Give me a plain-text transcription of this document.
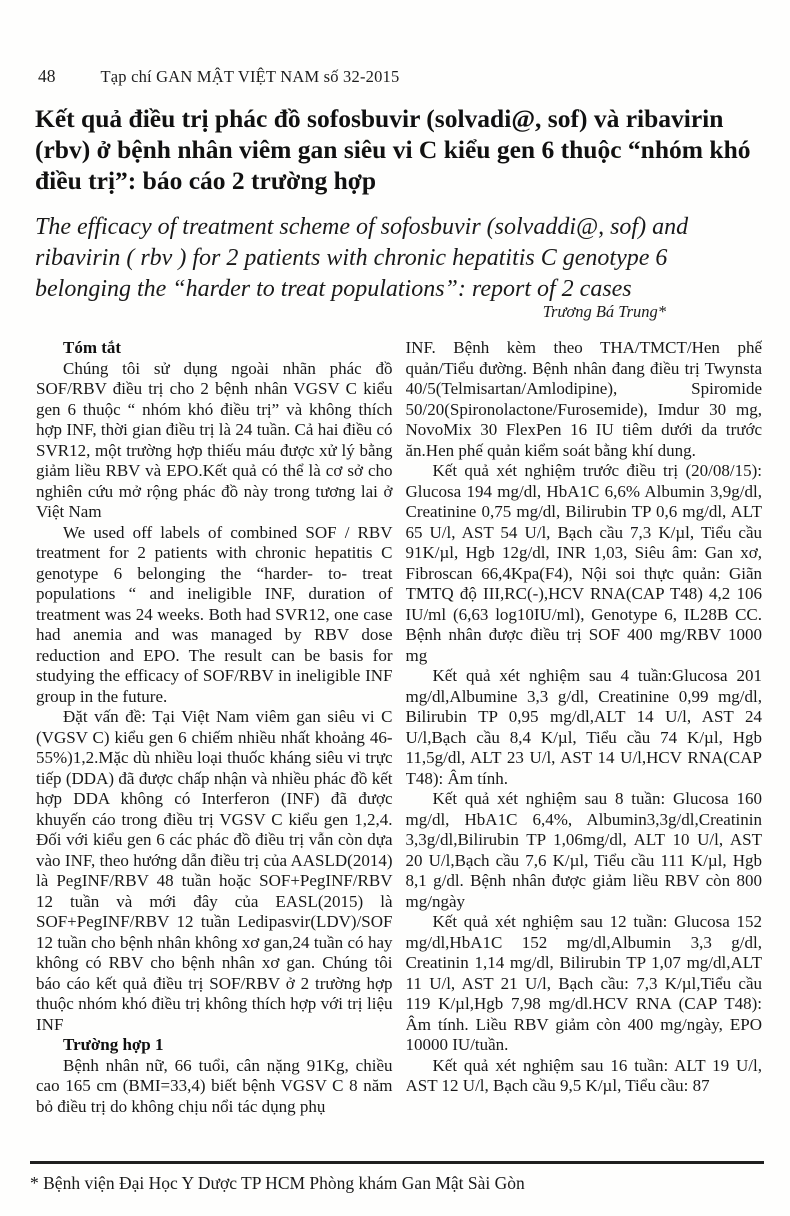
48	Tạp chí GAN MẬT VIỆT NAM số 32-2015
Kết quả điều trị phác đồ sofosbuvir (solvadi@, sof) và ribavirin (rbv) ở bệnh nhân viêm gan siêu vi C kiểu gen 6 thuộc “nhóm khó điều trị”: báo cáo 2 trường hợp
The efficacy of treatment scheme of sofosbuvir (solvaddi@, sof) and ribavirin ( rbv ) for 2 patients with chronic hepatitis C genotype 6 belonging the “harder to treat populations”: report of 2 cases
Trương Bá Trung*

Tóm tắt

Chúng tôi sử dụng ngoài nhãn phác đồ SOF/RBV điều trị cho 2 bệnh nhân VGSV C kiểu gen 6 thuộc “ nhóm khó điều trị” và không thích hợp INF, thời gian điều trị là 24 tuần. Cả hai điều có SVR12, một trường hợp thiếu máu được xử lý bằng giảm liều RBV và EPO.Kết quả có thể là cơ sở cho nghiên cứu mở rộng phác đồ này trong tương lai ở Việt Nam

We used off labels of combined SOF / RBV treatment for 2 patients with chronic hepatitis C genotype 6 belonging the “harder- to- treat populations “ and ineligible INF, duration of treatment was 24 weeks. Both had SVR12, one case had anemia and was managed by RBV dose reduction and EPO. The result can be basis for studying the efficacy of SOF/RBV in ineligible INF group in the future.

Đặt vấn đề: Tại Việt Nam viêm gan siêu vi C (VGSV C) kiểu gen 6 chiếm nhiều nhất khoảng 46-55%)1,2.Mặc dù nhiều loại thuốc kháng siêu vi trực tiếp (DDA) đã được chấp nhận và nhiều phác đồ kết hợp DDA không có Interferon (INF) đã được khuyến cáo trong điều trị VGSV C kiểu gen 1,2,4. Đối với kiểu gen 6 các phác đồ điều trị vẫn còn dựa vào INF, theo hướng dẫn điều trị của AASLD(2014) là PegINF/RBV 48 tuần hoặc SOF+PegINF/RBV 12 tuần và mới đây của EASL(2015) là SOF+PegINF/RBV 12 tuần Ledipasvir(LDV)/SOF 12 tuần cho bệnh nhân không xơ gan,24 tuần có hay không có RBV cho bệnh nhân xơ gan. Chúng tôi báo cáo kết quả điều trị SOF/RBV ở 2 trường hợp thuộc nhóm khó điều trị không thích hợp với trị liệu INF

Trường hợp 1

Bệnh nhân nữ, 66 tuổi, cân nặng 91Kg, chiều cao 165 cm (BMI=33,4) biết bệnh VGSV C 8 năm bỏ điều trị do không chịu nổi tác dụng phụ

INF. Bệnh kèm theo THA/TMCT/Hen phế quản/Tiểu đường. Bệnh nhân đang điều trị Twynsta 40/5(Telmisartan/Amlodipine), Spiromide 50/20(Spironolactone/Furosemide), Imdur 30 mg, NovoMix 30 FlexPen 16 IU tiêm dưới da trước ăn.Hen phế quản kiểm soát bằng khí dung.

Kết quả xét nghiệm trước điều trị (20/08/15): Glucosa 194 mg/dl, HbA1C 6,6% Albumin 3,9g/dl, Creatinine 0,75 mg/dl, Bilirubin TP 0,6 mg/dl, ALT 65 U/l, AST 54 U/l, Bạch cầu 7,3 K/µl, Tiểu cầu 91K/µl, Hgb 12g/dl, INR 1,03, Siêu âm: Gan xơ, Fibroscan 66,4Kpa(F4), Nội soi thực quản: Giãn TMTQ độ III,RC(-),HCV RNA(CAP T48) 4,2 106 IU/ml (6,63 log10IU/ml), Genotype 6, IL28B CC. Bệnh nhân được điều trị SOF 400 mg/RBV 1000 mg

Kết quả xét nghiệm sau 4 tuần:Glucosa 201 mg/dl,Albumine 3,3 g/dl, Creatinine 0,99 mg/dl, Bilirubin TP 0,95 mg/dl,ALT 14 U/l, AST 24 U/l,Bạch cầu 8,4 K/µl, Tiểu cầu 74 K/µl, Hgb 11,5g/dl, ALT 23 U/l, AST 14 U/l,HCV RNA(CAP T48): Âm tính.

Kết quả xét nghiệm sau 8 tuần: Glucosa 160 mg/dl, HbA1C 6,4%, Albumin3,3g/dl,Creatinin 3,3g/dl,Bilirubin TP 1,06mg/dl, ALT 10 U/l, AST 20 U/l,Bạch cầu 7,6 K/µl, Tiểu cầu 111 K/µl, Hgb 8,1 g/dl. Bệnh nhân được giảm liều RBV còn 800 mg/ngày

Kết quả xét nghiệm sau 12 tuần: Glucosa 152 mg/dl,HbA1C 152 mg/dl,Albumin 3,3 g/dl, Creatinin 1,14 mg/dl, Bilirubin TP 1,07 mg/dl,ALT 11 U/l, AST 21 U/l, Bạch cầu: 7,3 K/µl,Tiểu cầu 119 K/µl,Hgb 7,98 mg/dl.HCV RNA (CAP T48): Âm tính. Liều RBV giảm còn 400 mg/ngày, EPO 10000 IU/tuần.

Kết quả xét nghiệm sau 16 tuần: ALT 19 U/l, AST 12 U/l, Bạch cầu 9,5 K/µl, Tiểu cầu: 87

* Bệnh viện Đại Học Y Dược TP HCM Phòng khám Gan Mật Sài Gòn
